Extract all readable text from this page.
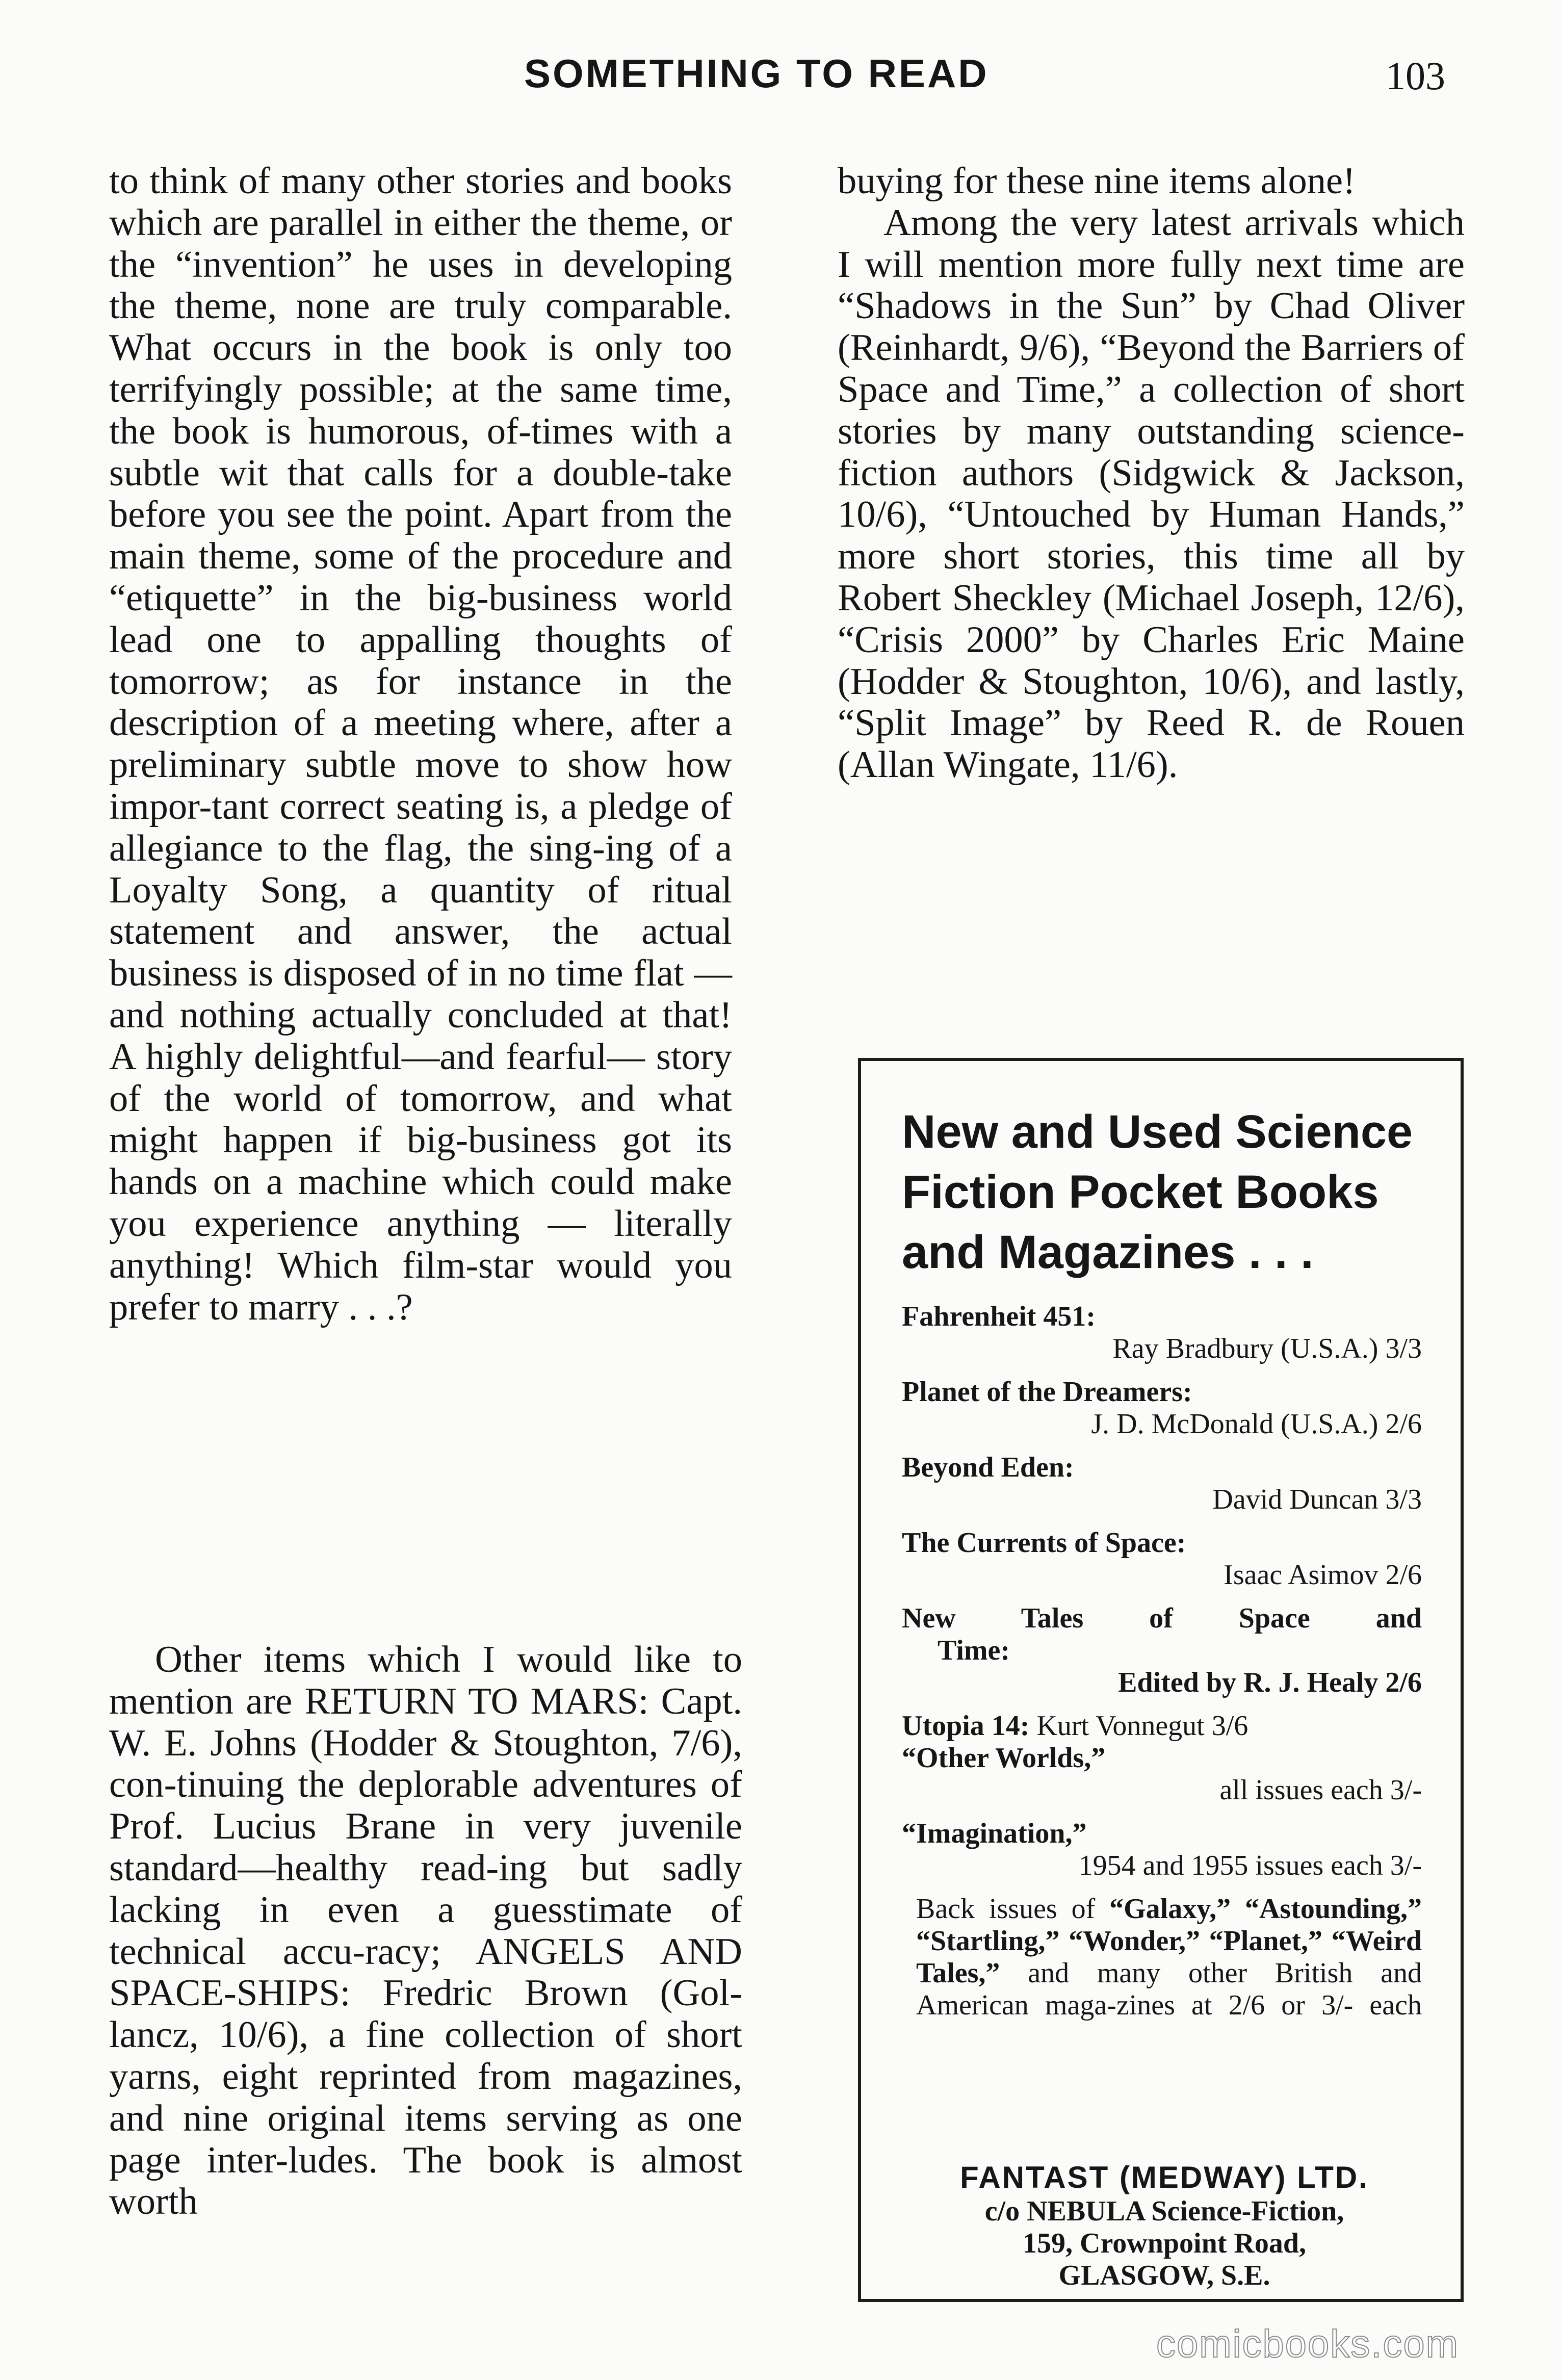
SOMETHING TO READ	103

to think of many other stories and books which are parallel in either the theme, or the “invention” he uses in developing the theme, none are truly comparable. What occurs in the book is only too terrifyingly possible; at the same time, the book is humorous, of-times with a subtle wit that calls for a double-take before you see the point. Apart from the main theme, some of the procedure and “etiquette” in the big-business world lead one to appalling thoughts of tomorrow; as for instance in the description of a meeting where, after a preliminary subtle move to show how impor-tant correct seating is, a pledge of allegiance to the flag, the sing-ing of a Loyalty Song, a quantity of ritual statement and answer, the actual business is disposed of in no time flat — and nothing actually concluded at that! A highly delightful—and fearful— story of the world of tomorrow, and what might happen if big-business got its hands on a machine which could make you experience anything — literally anything! Which film-star would you prefer to marry . . .?

Other items which I would like to mention are RETURN TO MARS: Capt. W. E. Johns (Hodder & Stoughton, 7/6), con-tinuing the deplorable adventures of Prof. Lucius Brane in very juvenile standard—healthy read-ing but sadly lacking in even a guesstimate of technical accu-racy; ANGELS AND SPACE-SHIPS: Fredric Brown (Gol-lancz, 10/6), a fine collection of short yarns, eight reprinted from magazines, and nine original items serving as one page inter-ludes. The book is almost worth

buying for these nine items alone!

Among the very latest arrivals which I will mention more fully next time are “Shadows in the Sun” by Chad Oliver (Reinhardt, 9/6), “Beyond the Barriers of Space and Time,” a collection of short stories by many outstanding science-fiction authors (Sidgwick & Jackson, 10/6), “Untouched by Human Hands,” more short stories, this time all by Robert Sheckley (Michael Joseph, 12/6), “Crisis 2000” by Charles Eric Maine (Hodder & Stoughton, 10/6), and lastly, “Split Image” by Reed R. de Rouen (Allan Wingate, 11/6).

New and Used Science Fiction Pocket Books and Magazines . . .
Fahrenheit 451:
Ray Bradbury (U.S.A.) 3/3
Planet of the Dreamers:
J. D. McDonald (U.S.A.) 2/6
Beyond Eden:
David Duncan 3/3
The Currents of Space:
Isaac Asimov 2/6
New Tales of Space and
Time:
Edited by R. J. Healy 2/6
Utopia 14: Kurt Vonnegut 3/6
“Other Worlds,”
all issues each 3/-
“Imagination,”
1954 and 1955 issues each 3/-
Back issues of “Galaxy,” “Astounding,” “Startling,” “Wonder,” “Planet,” “Weird Tales,” and many other British and American maga-zines at 2/6 or 3/- each
FANTAST (MEDWAY) LTD.
c/o NEBULA Science-Fiction,
159, Crownpoint Road,
GLASGOW, S.E.
comicbooks.com
